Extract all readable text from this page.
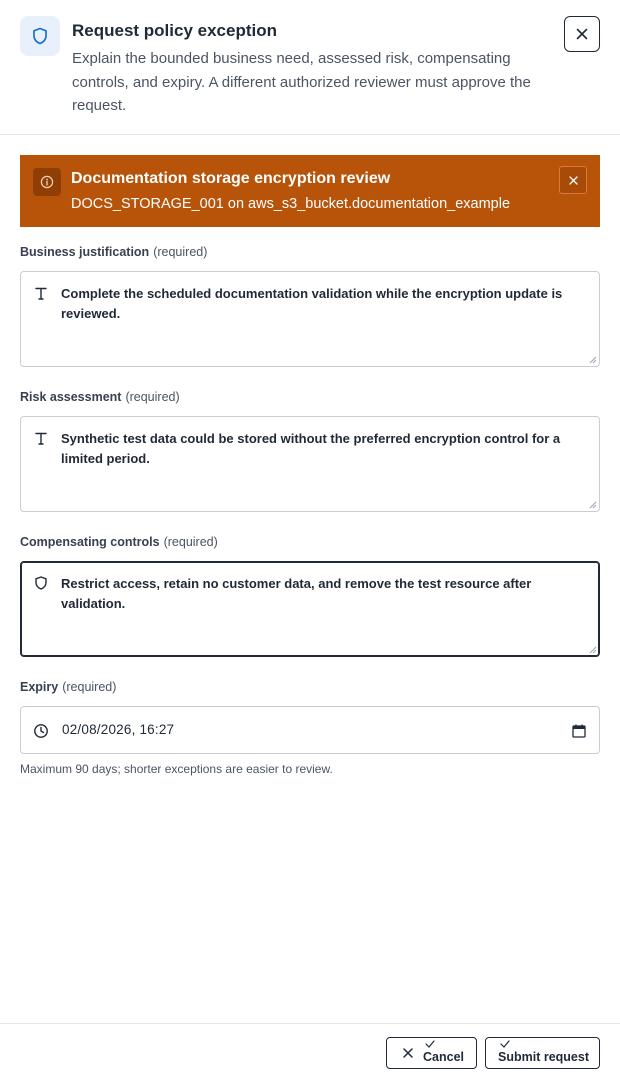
Request policy exception
Explain the bounded business need, assessed risk, compensating controls, and expiry. A different authorized reviewer must approve the request.
Documentation storage encryption review
DOCS_STORAGE_001 on aws_s3_bucket.documentation_example
Business justification (required)
Complete the scheduled documentation validation while the encryption update is reviewed.
Risk assessment (required)
Synthetic test data could be stored without the preferred encryption control for a limited period.
Compensating controls (required)
Restrict access, retain no customer data, and remove the test resource after validation.
Expiry (required)
02/08/2026, 16:27
Maximum 90 days; shorter exceptions are easier to review.
Cancel	Submit request
